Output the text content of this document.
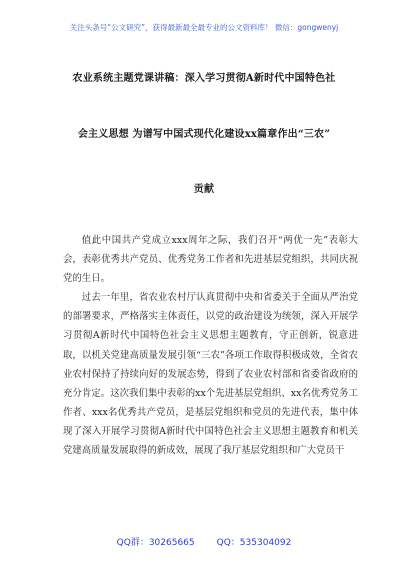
关注头条号“公文研究”，获得最新最全最专业的公文资料库！ 微信：gongwenyj
农业系统主题党课讲稿：深入学习贯彻A新时代中国特色社
会主义思想 为谱写中国式现代化建设xx篇章作出“三农”
贡献

值此中国共产党成立xxx周年之际，我们召开“两优一先”表彰大会，表彰优秀共产党员、优秀党务工作者和先进基层党组织，共同庆祝党的生日。

过去一年里，省农业农村厅认真贯彻中央和省委关于全面从严治党的部署要求，严格落实主体责任，以党的政治建设为统领，深入开展学习贯彻A新时代中国特色社会主义思想主题教育，守正创新，锐意进取，以机关党建高质量发展引领“三农”各项工作取得积极成效，全省农业农村保持了持续向好的发展态势，得到了农业农村部和省委省政府的充分肯定。这次我们集中表彰的xx个先进基层党组织、xx名优秀党务工作者、xxx名优秀共产党员，是基层党组织和党员的先进代表，集中体现了深入开展学习贯彻A新时代中国特色社会主义思想主题教育和机关党建高质量发展取得的新成效，展现了我厅基层党组织和广大党员干

QQ群：30265665 QQ：535304092
